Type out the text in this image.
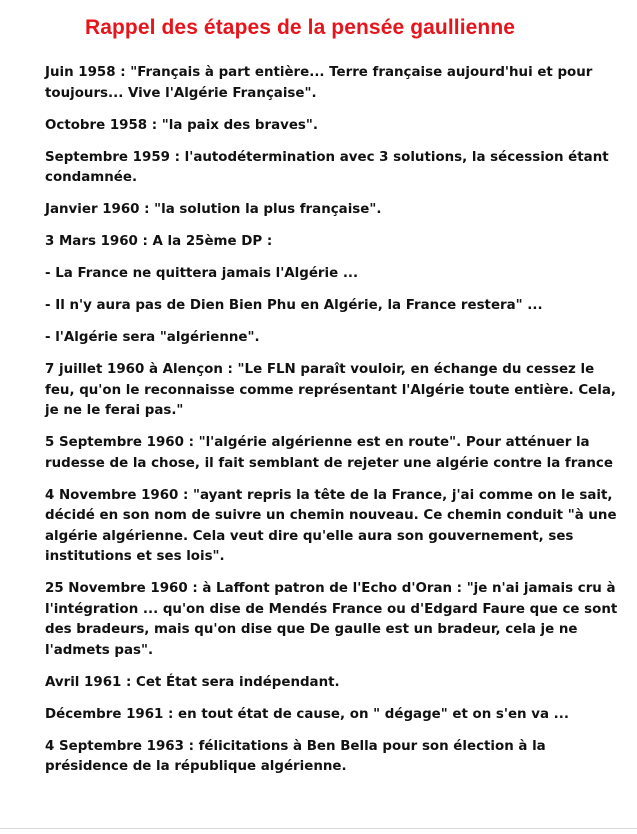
Rappel des étapes de la pensée gaullienne

Juin 1958 : "Français à part entière... Terre française aujourd'hui et pour
toujours... Vive l'Algérie Française".

Octobre 1958 : "la paix des braves".

Septembre 1959 : l'autodétermination avec 3 solutions, la sécession étant
condamnée.

Janvier 1960 : "la solution la plus française".

3 Mars 1960 : A la 25ème DP :

- La France ne quittera jamais l'Algérie ...

- Il n'y aura pas de Dien Bien Phu en Algérie, la France restera" ...

- l'Algérie sera "algérienne".

7 juillet 1960 à Alençon : "Le FLN paraît vouloir, en échange du cessez le
feu, qu'on le reconnaisse comme représentant l'Algérie toute entière. Cela,
je ne le ferai pas."

5 Septembre 1960 : "l'algérie algérienne est en route". Pour atténuer la
rudesse de la chose, il fait semblant de rejeter une algérie contre la france

4 Novembre 1960 : "ayant repris la tête de la France, j'ai comme on le sait,
décidé en son nom de suivre un chemin nouveau. Ce chemin conduit "à une
algérie algérienne. Cela veut dire qu'elle aura son gouvernement, ses
institutions et ses lois".

25 Novembre 1960 : à Laffont patron de l'Echo d'Oran : "je n'ai jamais cru à
l'intégration ... qu'on dise de Mendés France ou d'Edgard Faure que ce sont
des bradeurs, mais qu'on dise que De gaulle est un bradeur, cela je ne
l'admets pas".

Avril 1961 : Cet État sera indépendant.

Décembre 1961 : en tout état de cause, on " dégage" et on s'en va ...

4 Septembre 1963 : félicitations à Ben Bella pour son élection à la
présidence de la république algérienne.
